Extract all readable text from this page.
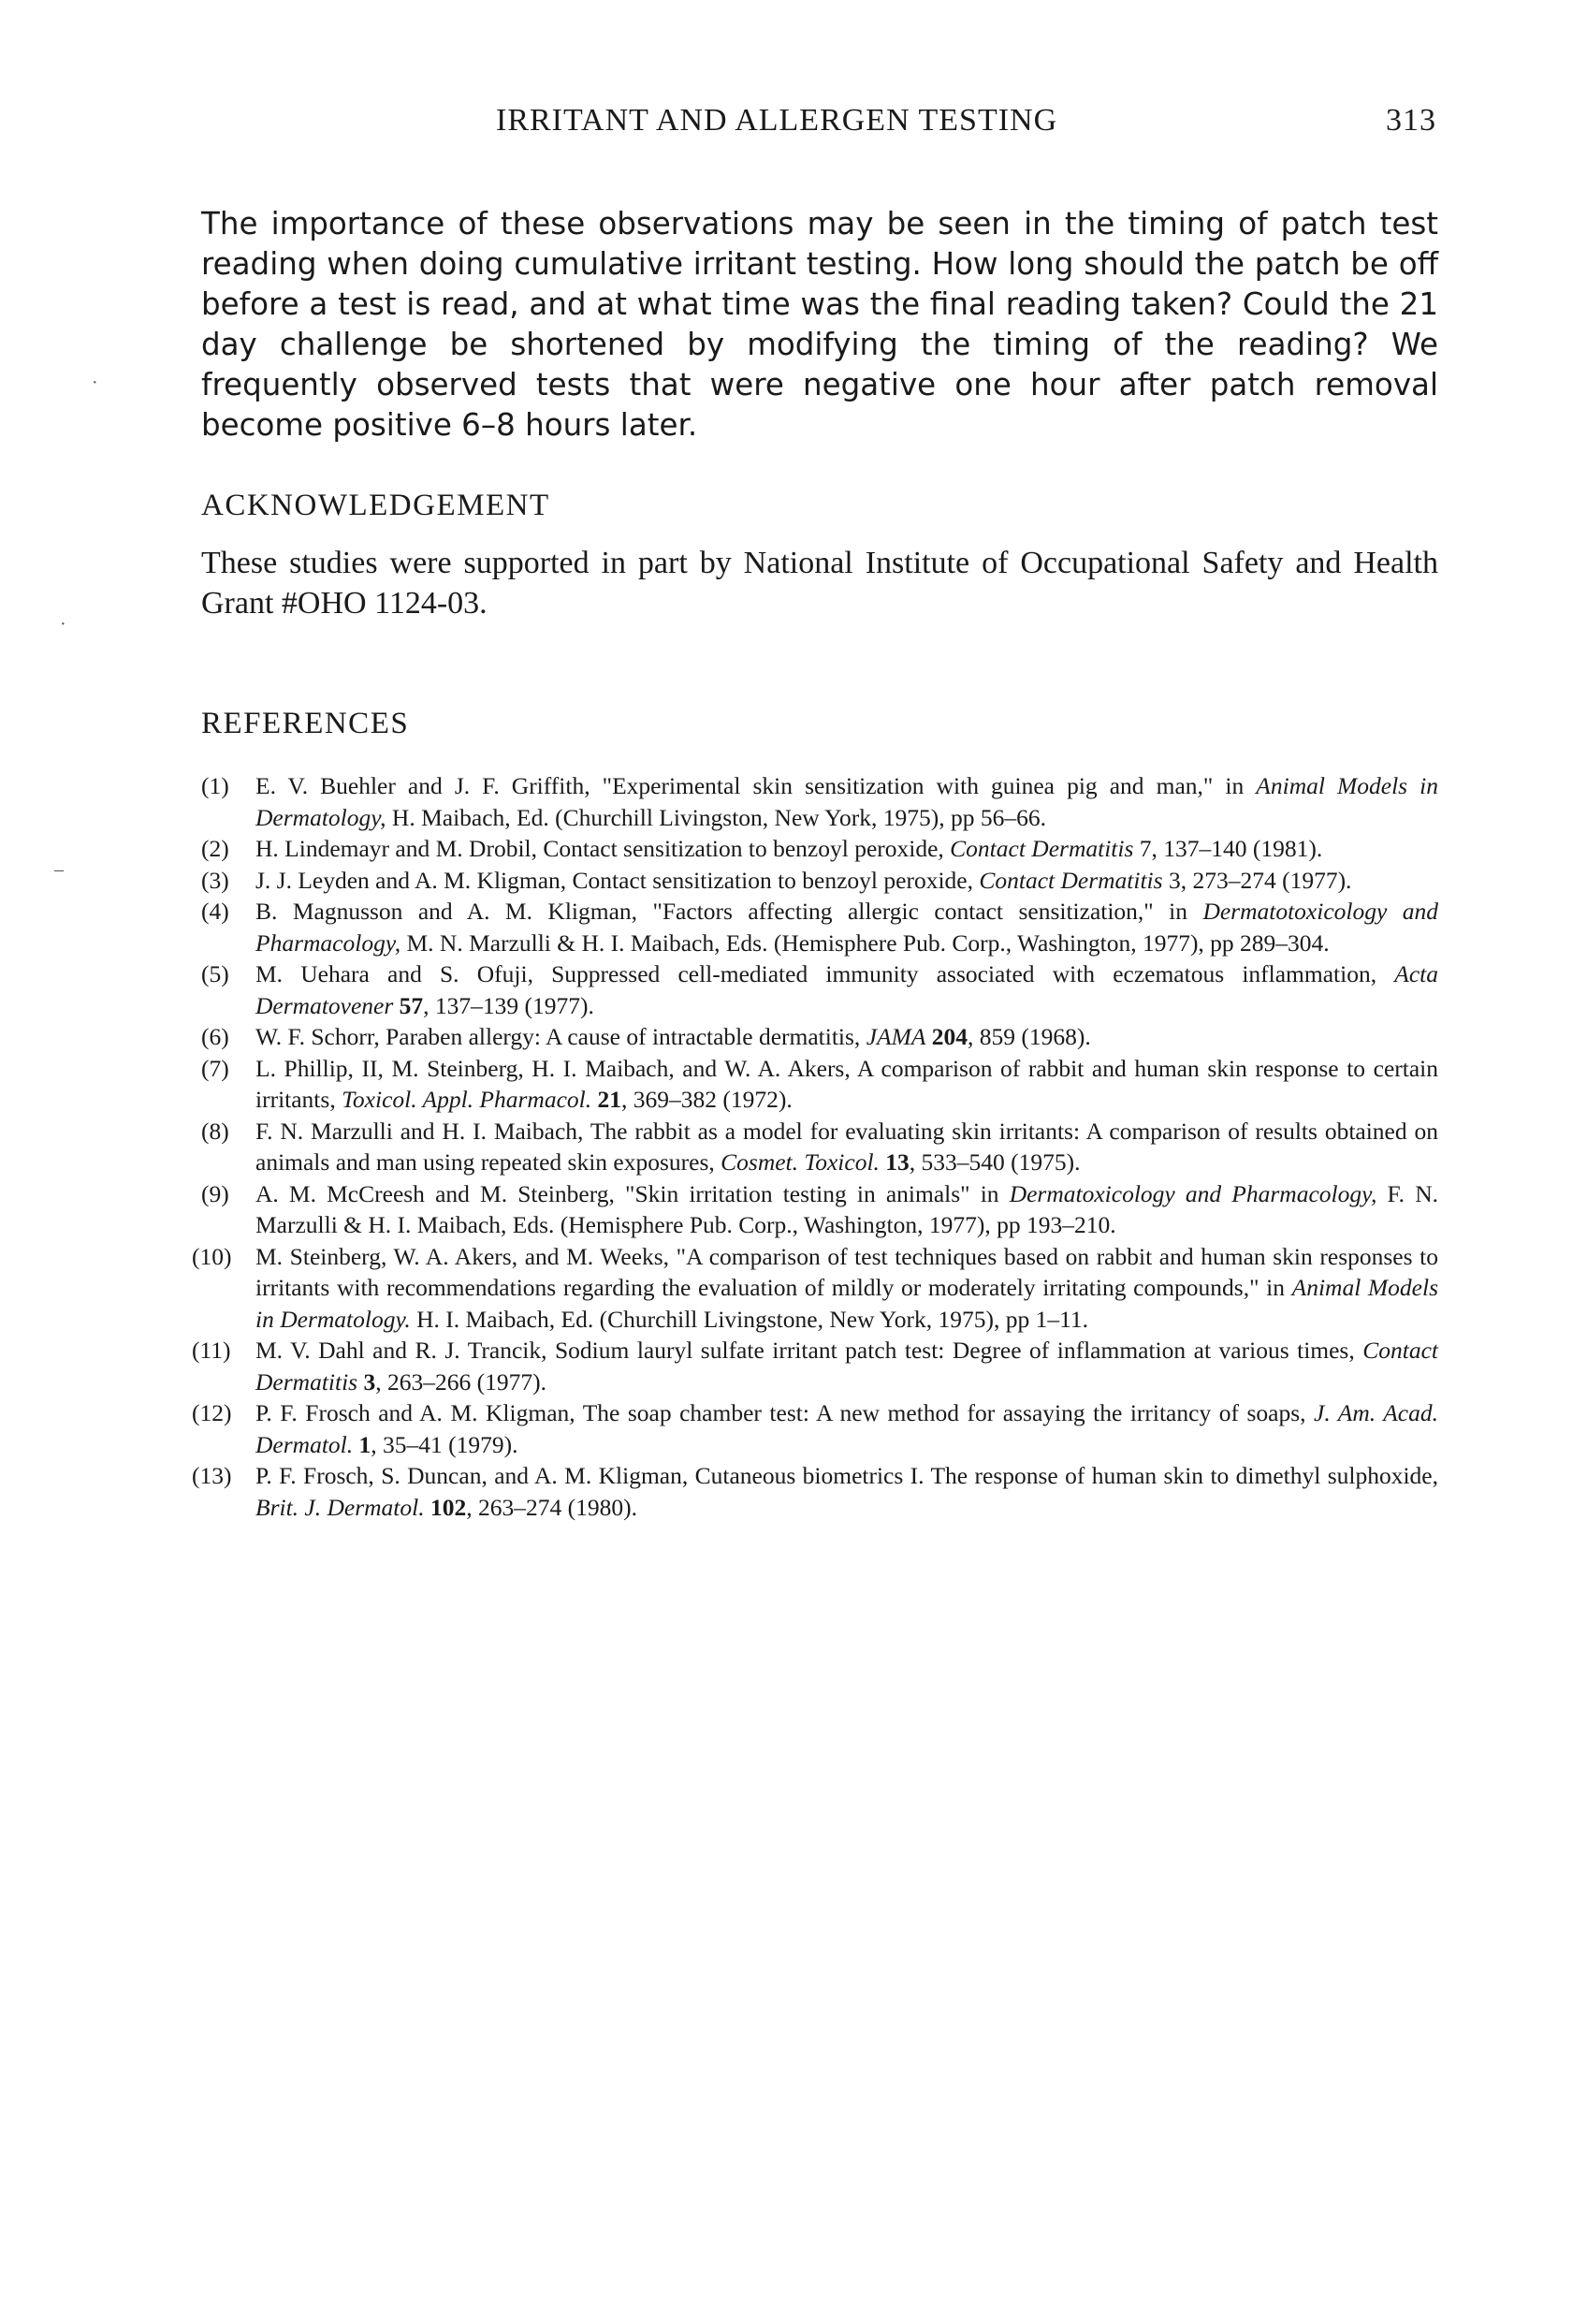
IRRITANT AND ALLERGEN TESTING	313

The importance of these observations may be seen in the timing of patch test reading when doing cumulative irritant testing. How long should the patch be off before a test is read, and at what time was the final reading taken? Could the 21 day challenge be shortened by modifying the timing of the reading? We frequently observed tests that were negative one hour after patch removal become positive 6–8 hours later.

ACKNOWLEDGEMENT

These studies were supported in part by National Institute of Occupational Safety and Health Grant #OHO 1124-03.

REFERENCES
(1) E. V. Buehler and J. F. Griffith, "Experimental skin sensitization with guinea pig and man," in Animal Models in Dermatology, H. Maibach, Ed. (Churchill Livingston, New York, 1975), pp 56–66.
(2) H. Lindemayr and M. Drobil, Contact sensitization to benzoyl peroxide, Contact Dermatitis 7, 137–140 (1981).
(3) J. J. Leyden and A. M. Kligman, Contact sensitization to benzoyl peroxide, Contact Dermatitis 3, 273–274 (1977).
(4) B. Magnusson and A. M. Kligman, "Factors affecting allergic contact sensitization," in Dermatotoxicology and Pharmacology, M. N. Marzulli & H. I. Maibach, Eds. (Hemisphere Pub. Corp., Washington, 1977), pp 289–304.
(5) M. Uehara and S. Ofuji, Suppressed cell-mediated immunity associated with eczematous inflammation, Acta Dermatovener 57, 137–139 (1977).
(6) W. F. Schorr, Paraben allergy: A cause of intractable dermatitis, JAMA 204, 859 (1968).
(7) L. Phillip, II, M. Steinberg, H. I. Maibach, and W. A. Akers, A comparison of rabbit and human skin response to certain irritants, Toxicol. Appl. Pharmacol. 21, 369–382 (1972).
(8) F. N. Marzulli and H. I. Maibach, The rabbit as a model for evaluating skin irritants: A comparison of results obtained on animals and man using repeated skin exposures, Cosmet. Toxicol. 13, 533–540 (1975).
(9) A. M. McCreesh and M. Steinberg, "Skin irritation testing in animals" in Dermatoxicology and Pharmacology, F. N. Marzulli & H. I. Maibach, Eds. (Hemisphere Pub. Corp., Washington, 1977), pp 193–210.
(10) M. Steinberg, W. A. Akers, and M. Weeks, "A comparison of test techniques based on rabbit and human skin responses to irritants with recommendations regarding the evaluation of mildly or moderately irritating compounds," in Animal Models in Dermatology. H. I. Maibach, Ed. (Churchill Livingstone, New York, 1975), pp 1–11.
(11) M. V. Dahl and R. J. Trancik, Sodium lauryl sulfate irritant patch test: Degree of inflammation at various times, Contact Dermatitis 3, 263–266 (1977).
(12) P. F. Frosch and A. M. Kligman, The soap chamber test: A new method for assaying the irritancy of soaps, J. Am. Acad. Dermatol. 1, 35–41 (1979).
(13) P. F. Frosch, S. Duncan, and A. M. Kligman, Cutaneous biometrics I. The response of human skin to dimethyl sulphoxide, Brit. J. Dermatol. 102, 263–274 (1980).
·
·
–
